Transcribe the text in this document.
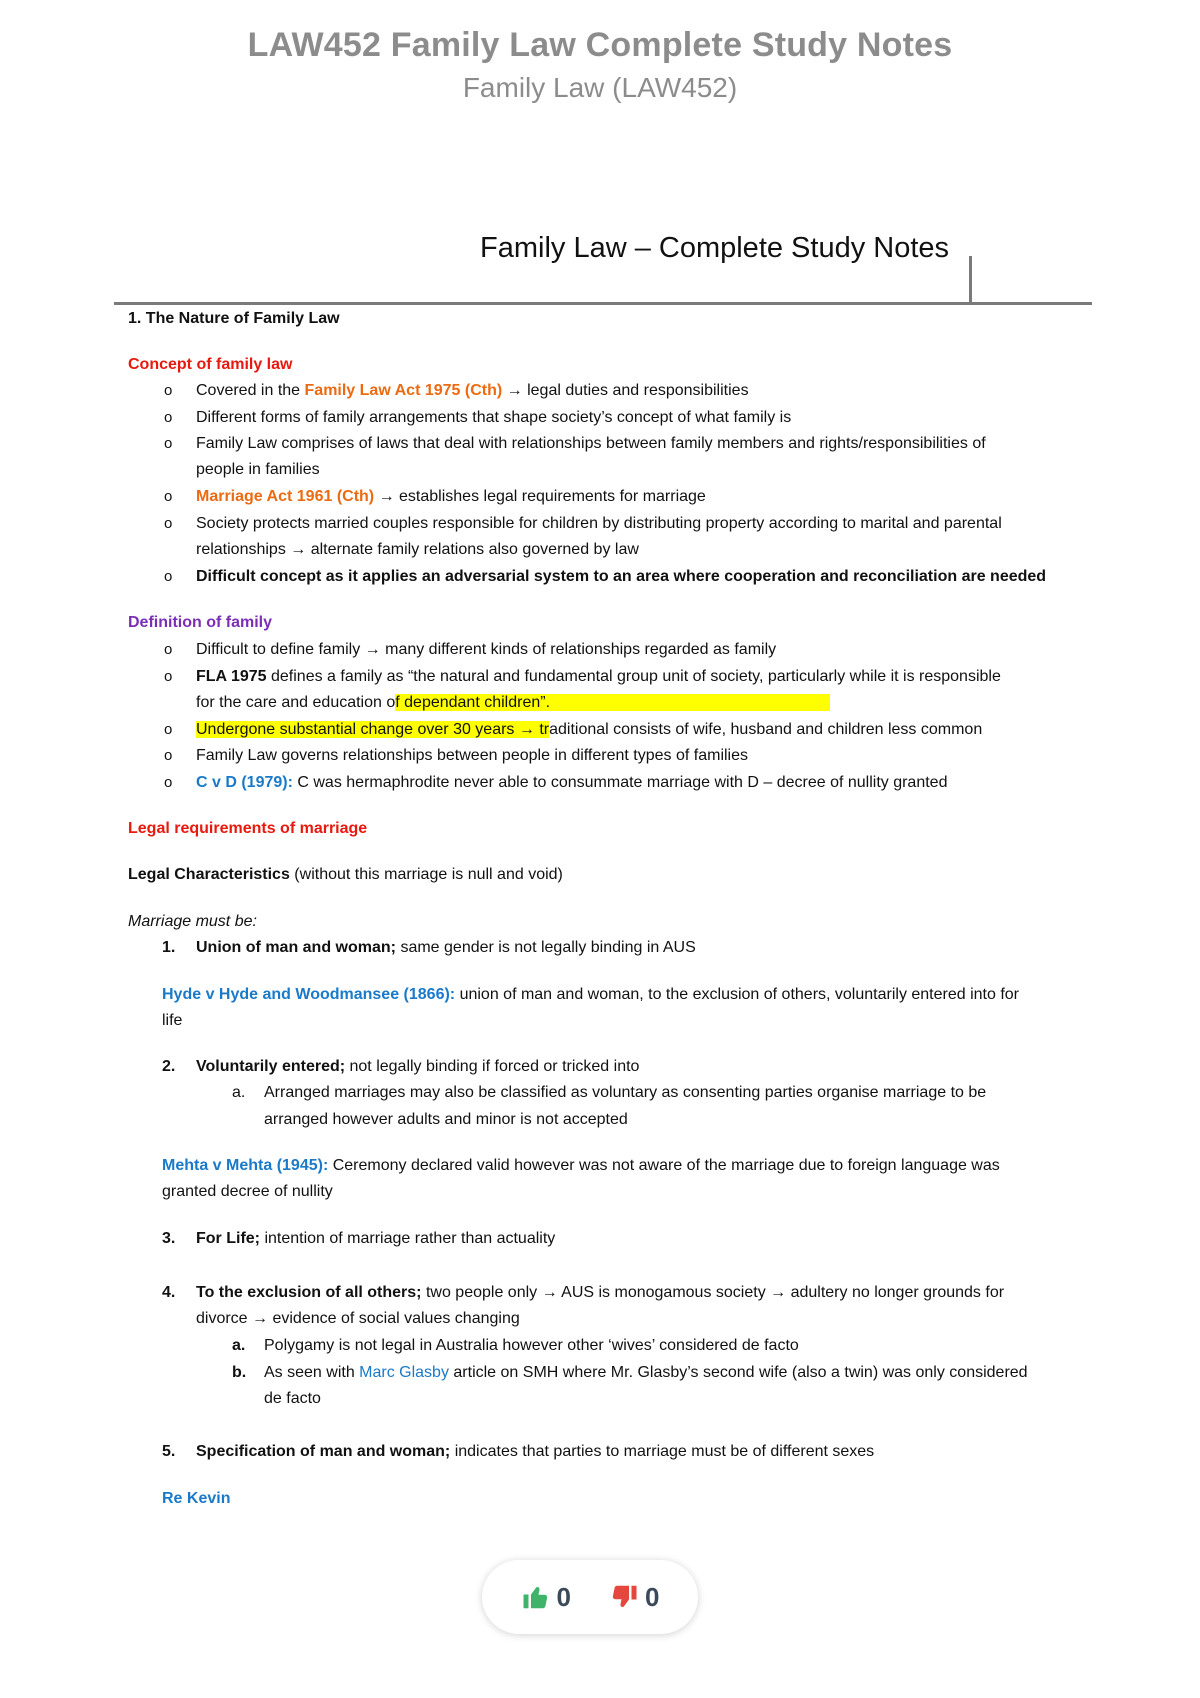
LAW452 Family Law Complete Study Notes
Family Law (LAW452)
Family Law – Complete Study Notes
1. The Nature of Family Law
Concept of family law
o Covered in the Family Law Act 1975 (Cth) → legal duties and responsibilities
o Different forms of family arrangements that shape society’s concept of what family is
o Family Law comprises of laws that deal with relationships between family members and rights/responsibilities of
people in families
o Marriage Act 1961 (Cth) → establishes legal requirements for marriage
o Society protects married couples responsible for children by distributing property according to marital and parental
relationships → alternate family relations also governed by law
o Difficult concept as it applies an adversarial system to an area where cooperation and reconciliation are needed
Definition of family
o Difficult to define family → many different kinds of relationships regarded as family
o FLA 1975 defines a family as “the natural and fundamental group unit of society, particularly while it is responsible
for the care and education of dependant children”.
o Undergone substantial change over 30 years → traditional consists of wife, husband and children less common
o Family Law governs relationships between people in different types of families
o C v D (1979): C was hermaphrodite never able to consummate marriage with D – decree of nullity granted
Legal requirements of marriage
Legal Characteristics (without this marriage is null and void)
Marriage must be:
1. Union of man and woman; same gender is not legally binding in AUS
Hyde v Hyde and Woodmansee (1866): union of man and woman, to the exclusion of others, voluntarily entered into for
life
2. Voluntarily entered; not legally binding if forced or tricked into
a. Arranged marriages may also be classified as voluntary as consenting parties organise marriage to be
arranged however adults and minor is not accepted
Mehta v Mehta (1945): Ceremony declared valid however was not aware of the marriage due to foreign language was
granted decree of nullity
3. For Life; intention of marriage rather than actuality
4. To the exclusion of all others; two people only → AUS is monogamous society → adultery no longer grounds for
divorce → evidence of social values changing
a. Polygamy is not legal in Australia however other ‘wives’ considered de facto
b. As seen with Marc Glasby article on SMH where Mr. Glasby’s second wife (also a twin) was only considered
de facto
5. Specification of man and woman; indicates that parties to marriage must be of different sexes
Re Kevin
0	0
